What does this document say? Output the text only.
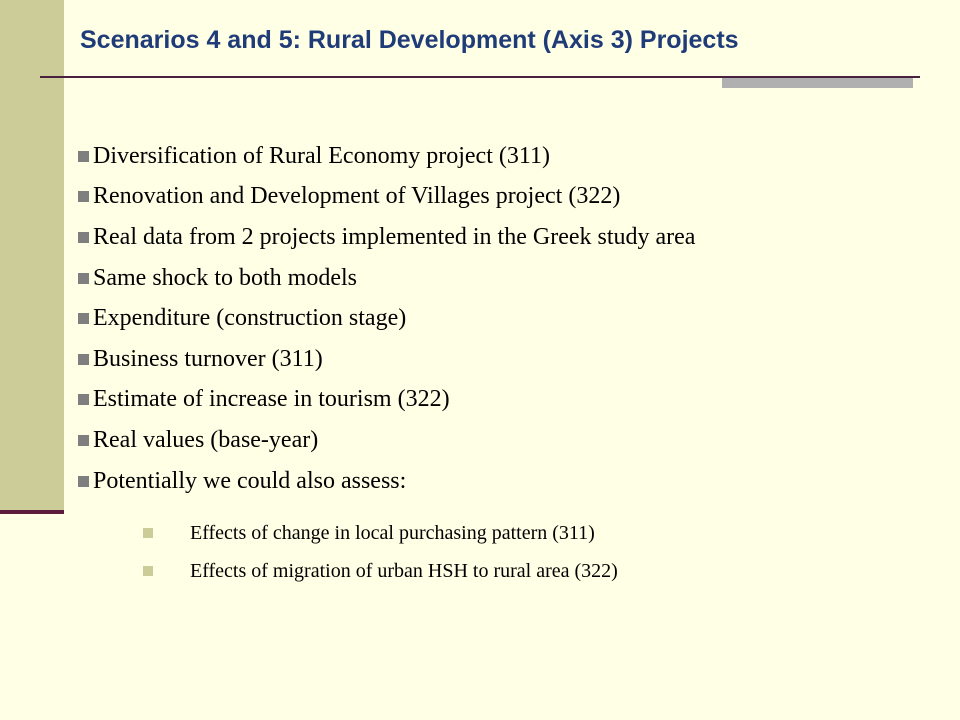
Scenarios 4 and 5: Rural Development (Axis 3) Projects
Diversification of Rural Economy project (311)
Renovation and Development of Villages project (322)
Real data from 2 projects implemented in the Greek study area
Same shock to both models
Expenditure (construction stage)
Business turnover (311)
Estimate of increase in tourism (322)
Real values (base-year)
Potentially we could also assess:
Effects of change in local purchasing pattern (311)
Effects of migration of urban HSH to rural area (322)
